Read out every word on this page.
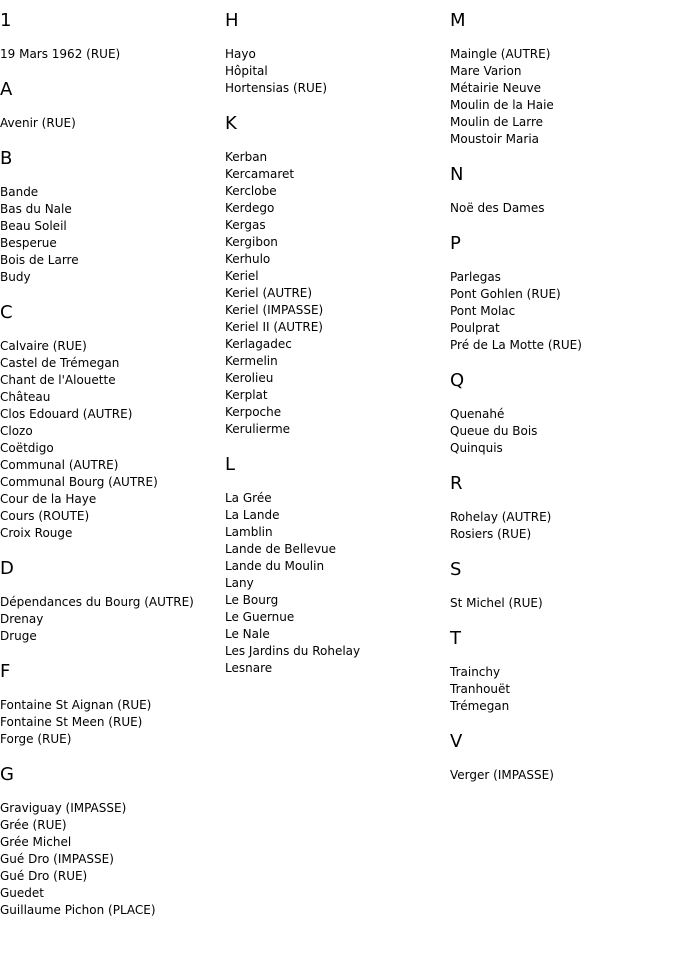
1
19 Mars 1962 (RUE)
A
Avenir (RUE)
B
Bande
Bas du Nale
Beau Soleil
Besperue
Bois de Larre
Budy
C
Calvaire (RUE)
Castel de Trémegan
Chant de l'Alouette
Château
Clos Edouard (AUTRE)
Clozo
Coëtdigo
Communal (AUTRE)
Communal Bourg (AUTRE)
Cour de la Haye
Cours (ROUTE)
Croix Rouge
D
Dépendances du Bourg (AUTRE)
Drenay
Druge
F
Fontaine St Aignan (RUE)
Fontaine St Meen (RUE)
Forge (RUE)
G
Graviguay (IMPASSE)
Grée (RUE)
Grée Michel
Gué Dro (IMPASSE)
Gué Dro (RUE)
Guedet
Guillaume Pichon (PLACE)
H
Hayo
Hôpital
Hortensias (RUE)
K
Kerban
Kercamaret
Kerclobe
Kerdego
Kergas
Kergibon
Kerhulo
Keriel
Keriel (AUTRE)
Keriel (IMPASSE)
Keriel II (AUTRE)
Kerlagadec
Kermelin
Kerolieu
Kerplat
Kerpoche
Kerulierme
L
La Grée
La Lande
Lamblin
Lande de Bellevue
Lande du Moulin
Lany
Le Bourg
Le Guernue
Le Nale
Les Jardins du Rohelay
Lesnare
M
Maingle (AUTRE)
Mare Varion
Métairie Neuve
Moulin de la Haie
Moulin de Larre
Moustoir Maria
N
Noë des Dames
P
Parlegas
Pont Gohlen (RUE)
Pont Molac
Poulprat
Pré de La Motte (RUE)
Q
Quenahé
Queue du Bois
Quinquis
R
Rohelay (AUTRE)
Rosiers (RUE)
S
St Michel (RUE)
T
Trainchy
Tranhouët
Trémegan
V
Verger (IMPASSE)
